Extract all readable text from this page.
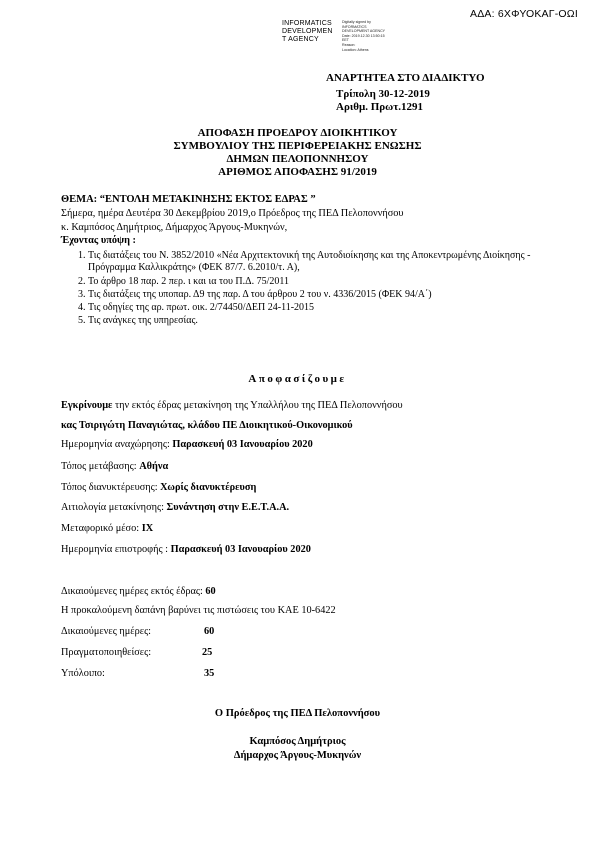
ΑΔΑ: 6ΧΦΥΟΚΑΓ-ΟΩΙ
INFORMATICS
DEVELOPMEN
T AGENCY
Digitally signed by
INFORMATICS
DEVELOPMENT AGENCY
Date: 2019.12.30 13:50:15
EET
Reason:
Location: Athens
ΑΝΑΡΤΗΤΕΑ ΣΤΟ ΔΙΑΔΙΚΤΥΟ
Τρίπολη 30-12-2019
Αριθμ. Πρωτ.1291
ΑΠΟΦΑΣΗ ΠΡΟΕΔΡΟΥ ΔΙΟΙΚΗΤΙΚΟΥ
ΣΥΜΒΟΥΛΙΟΥ ΤΗΣ ΠΕΡΙΦΕΡΕΙΑΚΗΣ ΕΝΩΣΗΣ
ΔΗΜΩΝ ΠΕΛΟΠΟΝΝΗΣΟΥ
ΑΡΙΘΜΟΣ ΑΠΟΦΑΣΗΣ 91/2019
ΘΕΜΑ: “ΕΝΤΟΛΗ ΜΕΤΑΚΙΝΗΣΗΣ ΕΚΤΟΣ ΕΔΡΑΣ ”
Σήμερα, ημέρα Δευτέρα 30 Δεκεμβρίου 2019,ο Πρόεδρος της ΠΕΔ Πελοποννήσου
κ. Καμπόσος Δημήτριος, Δήμαρχος Άργους-Μυκηνών,
Έχοντας υπόψη :
1. Τις διατάξεις του Ν. 3852/2010 «Νέα Αρχιτεκτονική της Αυτοδιοίκησης και της Αποκεντρωμένης Διοίκησης - Πρόγραμμα Καλλικράτης» (ΦΕΚ 87/7. 6.2010/τ. Α),
2. Το άρθρο 18 παρ. 2 περ. ι και ια του Π.Δ. 75/2011
3. Τις διατάξεις της υποπαρ. Δ9 της παρ. Δ του άρθρου 2 του ν. 4336/2015 (ΦΕΚ 94/Α΄)
4. Τις οδηγίες της αρ. πρωτ. οικ. 2/74450/ΔΕΠ 24-11-2015
5. Τις ανάγκες της υπηρεσίας.
Αποφασίζουμε
Εγκρίνουμε την εκτός έδρας μετακίνηση της Υπαλλήλου της ΠΕΔ Πελοποννήσου
κας Τσιριγώτη Παναγιώτας, κλάδου ΠΕ Διοικητικού-Οικονομικού
Ημερομηνία αναχώρησης: Παρασκευή 03 Ιανουαρίου 2020
Τόπος μετάβασης: Αθήνα
Τόπος διανυκτέρευσης: Χωρίς διανυκτέρευση
Αιτιολογία μετακίνησης: Συνάντηση στην Ε.Ε.Τ.Α.Α.
Μεταφορικό μέσο: ΙΧ
Ημερομηνία επιστροφής : Παρασκευή 03 Ιανουαρίου 2020
Δικαιούμενες ημέρες εκτός έδρας: 60
Η προκαλούμενη δαπάνη βαρύνει τις πιστώσεις του ΚΑΕ 10-6422
Δικαιούμενες ημέρες:	60
Πραγματοποιηθείσες:	25
Υπόλοιπο:	35
Ο Πρόεδρος της ΠΕΔ Πελοποννήσου
Καμπόσος Δημήτριος
Δήμαρχος Άργους-Μυκηνών
